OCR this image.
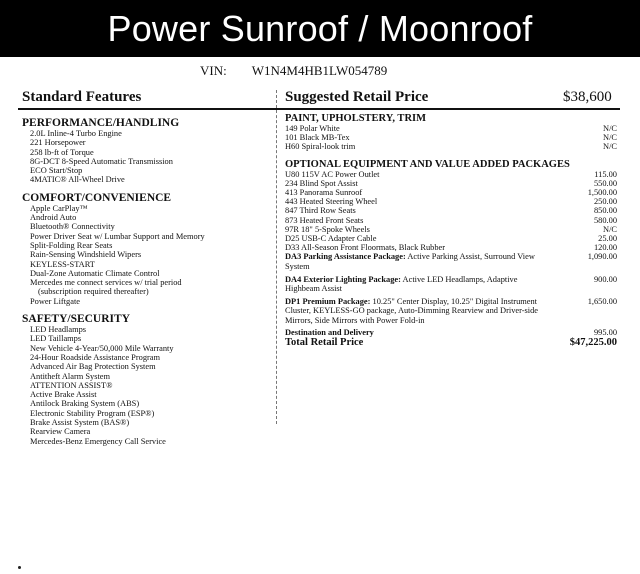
Power Sunroof / Moonroof
VIN: W1N4M4HB1LW054789
Standard Features	Suggested Retail Price	$38,600
PERFORMANCE/HANDLING
2.0L Inline-4 Turbo Engine
221 Horsepower
258 lb-ft of Torque
8G-DCT 8-Speed Automatic Transmission
ECO Start/Stop
4MATIC® All-Wheel Drive
COMFORT/CONVENIENCE
Apple CarPlay™
Android Auto
Bluetooth® Connectivity
Power Driver Seat w/ Lumbar Support and Memory
Split-Folding Rear Seats
Rain-Sensing Windshield Wipers
KEYLESS-START
Dual-Zone Automatic Climate Control
Mercedes me connect services w/ trial period
(subscription required thereafter)
Power Liftgate
SAFETY/SECURITY
LED Headlamps
LED Taillamps
New Vehicle 4-Year/50,000 Mile Warranty
24-Hour Roadside Assistance Program
Advanced Air Bag Protection System
Antitheft Alarm System
ATTENTION ASSIST®
Active Brake Assist
Antilock Braking System (ABS)
Electronic Stability Program (ESP®)
Brake Assist System (BAS®)
Rearview Camera
Mercedes-Benz Emergency Call Service
PAINT, UPHOLSTERY, TRIM
149 Polar White	N/C
101 Black MB-Tex	N/C
H60 Spiral-look trim	N/C
OPTIONAL EQUIPMENT AND VALUE ADDED PACKAGES
U80 115V AC Power Outlet	115.00
234 Blind Spot Assist	550.00
413 Panorama Sunroof	1,500.00
443 Heated Steering Wheel	250.00
847 Third Row Seats	850.00
873 Heated Front Seats	580.00
97R 18" 5-Spoke Wheels	N/C
D25 USB-C Adapter Cable	25.00
D33 All-Season Front Floormats, Black Rubber	120.00
DA3 Parking Assistance Package: Active Parking Assist, Surround View System
1,090.00
DA4 Exterior Lighting Package: Active LED Headlamps, Adaptive Highbeam Assist
900.00
DP1 Premium Package: 10.25" Center Display, 10.25" Digital Instrument Cluster, KEYLESS-GO package, Auto-Dimming Rearview and Driver-side Mirrors, Side Mirrors with Power Fold-in
1,650.00
Destination and Delivery	995.00
Total Retail Price	$47,225.00
